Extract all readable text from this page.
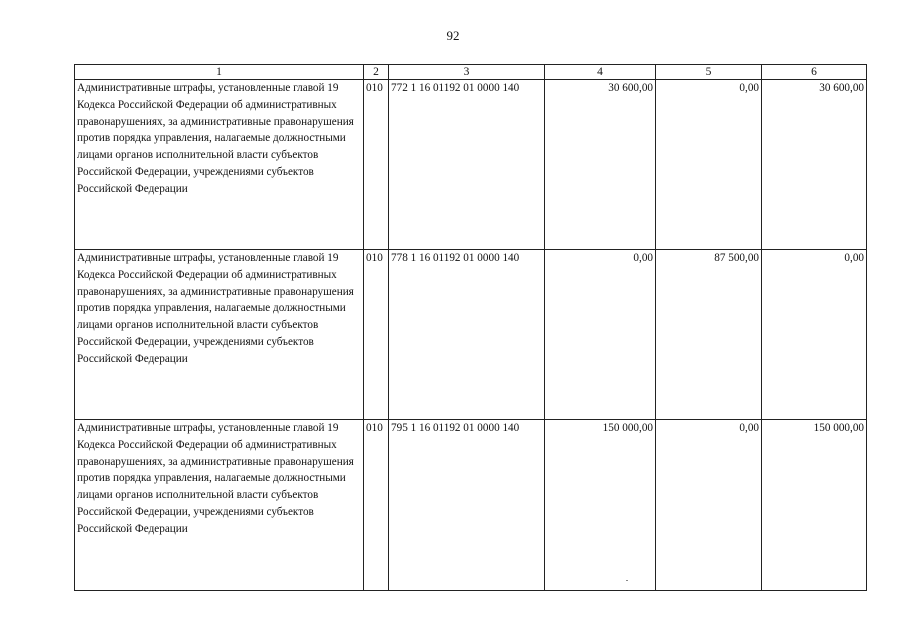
92
1	2	3	4	5	6
Административные штрафы, установленные главой 19 Кодекса Российской Федерации об административных правонарушениях, за административные правонарушения против порядка управления, налагаемые должностными лицами органов исполнительной власти субъектов Российской Федерации, учреждениями субъектов Российской Федерации	010	772 1 16 01192 01 0000 140	30 600,00	0,00	30 600,00
Административные штрафы, установленные главой 19 Кодекса Российской Федерации об административных правонарушениях, за административные правонарушения против порядка управления, налагаемые должностными лицами органов исполнительной власти субъектов Российской Федерации, учреждениями субъектов Российской Федерации	010	778 1 16 01192 01 0000 140	0,00	87 500,00	0,00
Административные штрафы, установленные главой 19 Кодекса Российской Федерации об административных правонарушениях, за административные правонарушения против порядка управления, налагаемые должностными лицами органов исполнительной власти субъектов Российской Федерации, учреждениями субъектов Российской Федерации	010	795 1 16 01192 01 0000 140	150 000,00	0,00	150 000,00
